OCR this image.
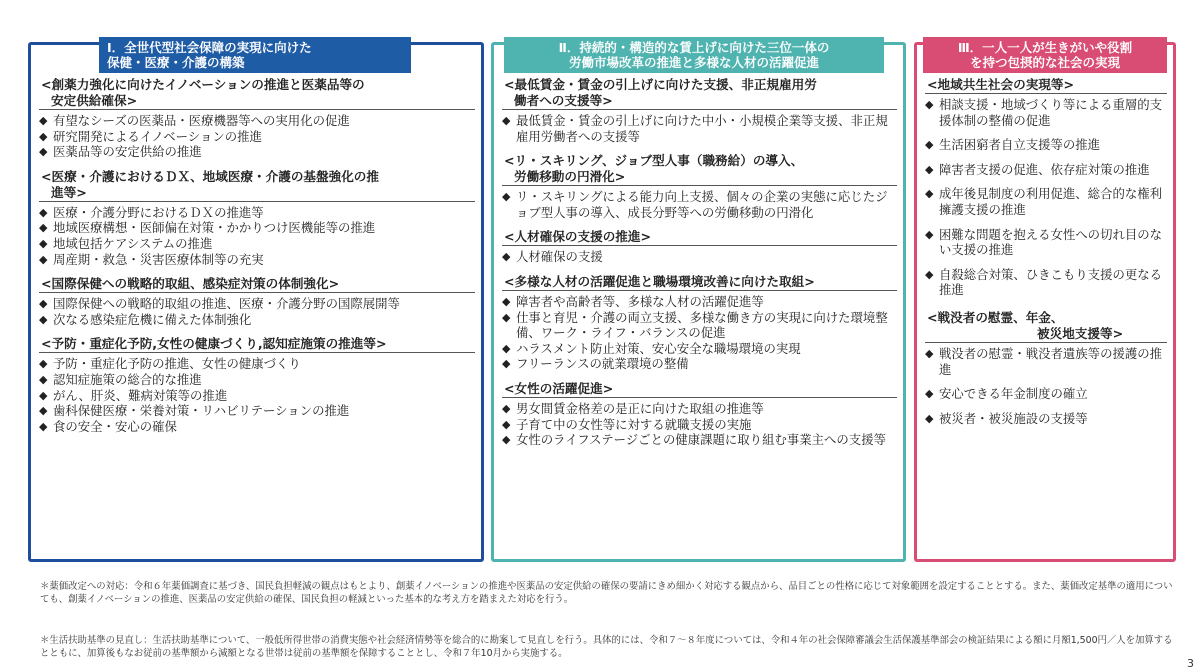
Ⅰ．全世代型社会保障の実現に向けた
保健・医療・介護の構築
<創薬力強化に向けたイノベーションの推進と医薬品等の
安定供給確保>
◆ 有望なシーズの医薬品・医療機器等への実用化の促進
◆ 研究開発によるイノベーションの推進
◆ 医薬品等の安定供給の推進
<医療・介護におけるＤＸ、地域医療・介護の基盤強化の推
進等>
◆ 医療・介護分野におけるＤＸの推進等
◆ 地域医療構想・医師偏在対策・かかりつけ医機能等の推進
◆ 地域包括ケアシステムの推進
◆ 周産期・救急・災害医療体制等の充実
<国際保健への戦略的取組、感染症対策の体制強化>
◆ 国際保健への戦略的取組の推進、医療・介護分野の国際展開等
◆ 次なる感染症危機に備えた体制強化
<予防・重症化予防,女性の健康づくり,認知症施策の推進等>
◆ 予防・重症化予防の推進、女性の健康づくり
◆ 認知症施策の総合的な推進
◆ がん、肝炎、難病対策等の推進
◆ 歯科保健医療・栄養対策・リハビリテーションの推進
◆ 食の安全・安心の確保
Ⅱ．持続的・構造的な賃上げに向けた三位一体の
労働市場改革の推進と多様な人材の活躍促進
<最低賃金・賃金の引上げに向けた支援、非正規雇用労
働者への支援等>
◆ 最低賃金・賃金の引上げに向けた中小・小規模企業等支援、非正規雇用労働者への支援等
<リ・スキリング、ジョブ型人事（職務給）の導入、
労働移動の円滑化>
◆ リ・スキリングによる能力向上支援、個々の企業の実態に応じたジョブ型人事の導入、成長分野等への労働移動の円滑化
<人材確保の支援の推進>
◆ 人材確保の支援
<多様な人材の活躍促進と職場環境改善に向けた取組>
◆ 障害者や高齢者等、多様な人材の活躍促進等
◆ 仕事と育児・介護の両立支援、多様な働き方の実現に向けた環境整備、ワーク・ライフ・バランスの促進
◆ ハラスメント防止対策、安心安全な職場環境の実現
◆ フリーランスの就業環境の整備
<女性の活躍促進>
◆ 男女間賃金格差の是正に向けた取組の推進等
◆ 子育て中の女性等に対する就職支援の実施
◆ 女性のライフステージごとの健康課題に取り組む事業主への支援等
Ⅲ．一人一人が生きがいや役割
を持つ包摂的な社会の実現
<地域共生社会の実現等>
◆ 相談支援・地域づくり等による重層的支援体制の整備の促進
◆ 生活困窮者自立支援等の推進
◆ 障害者支援の促進、依存症対策の推進
◆ 成年後見制度の利用促進、総合的な権利擁護支援の推進
◆ 困難な問題を抱える女性への切れ目のない支援の推進
◆ 自殺総合対策、ひきこもり支援の更なる推進
<戦没者の慰霊、年金、
被災地支援等>
◆ 戦没者の慰霊・戦没者遺族等の援護の推進
◆ 安心できる年金制度の確立
◆ 被災者・被災施設の支援等
＊薬価改定への対応：令和６年薬価調査に基づき、国民負担軽減の観点はもとより、創薬イノベーションの推進や医薬品の安定供給の確保の要請にきめ細かく対応する観点から、品目ごとの性格に応じて対象範囲を設定することとする。また、薬価改定基準の適用についても、創薬イノベーションの推進、医薬品の安定供給の確保、国民負担の軽減といった基本的な考え方を踏まえた対応を行う。
＊生活扶助基準の見直し：生活扶助基準について、一般低所得世帯の消費実態や社会経済情勢等を総合的に勘案して見直しを行う。具体的には、令和７～８年度については、令和４年の社会保障審議会生活保護基準部会の検証結果による額に月額1,500円／人を加算するとともに、加算後もなお従前の基準額から減額となる世帯は従前の基準額を保障することとし、令和７年10月から実施する。
3
